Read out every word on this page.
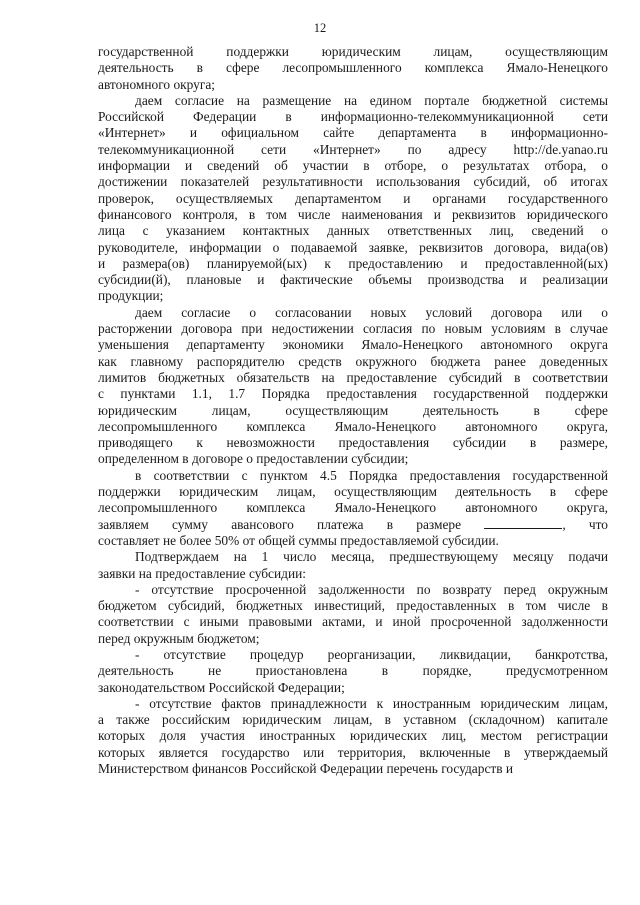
12
государственной поддержки юридическим лицам, осуществляющим
деятельность в сфере лесопромышленного комплекса Ямало-Ненецкого
автономного округа;
даем согласие на размещение на едином портале бюджетной системы
Российской Федерации в информационно-телекоммуникационной сети
«Интернет» и официальном сайте департамента в информационно-
телекоммуникационной сети «Интернет» по адресу http://de.yanao.ru
информации и сведений об участии в отборе, о результатах отбора, о
достижении показателей результативности использования субсидий, об итогах
проверок, осуществляемых департаментом и органами государственного
финансового контроля, в том числе наименования и реквизитов юридического
лица с указанием контактных данных ответственных лиц, сведений о
руководителе, информации о подаваемой заявке, реквизитов договора, вида(ов)
и размера(ов) планируемой(ых) к предоставлению и предоставленной(ых)
субсидии(й), плановые и фактические объемы производства и реализации
продукции;
даем согласие о согласовании новых условий договора или о
расторжении договора при недостижении согласия по новым условиям в случае
уменьшения департаменту экономики Ямало-Ненецкого автономного округа
как главному распорядителю средств окружного бюджета ранее доведенных
лимитов бюджетных обязательств на предоставление субсидий в соответствии
с пунктами 1.1, 1.7 Порядка предоставления государственной поддержки
юридическим лицам, осуществляющим деятельность в сфере
лесопромышленного комплекса Ямало-Ненецкого автономного округа,
приводящего к невозможности предоставления субсидии в размере,
определенном в договоре о предоставлении субсидии;
в соответствии с пунктом 4.5 Порядка предоставления государственной
поддержки юридическим лицам, осуществляющим деятельность в сфере
лесопромышленного комплекса Ямало-Ненецкого автономного округа,
заявляем сумму авансового платежа в размере	, что
составляет не более 50% от общей суммы предоставляемой субсидии.
Подтверждаем на 1 число месяца, предшествующему месяцу подачи
заявки на предоставление субсидии:
- отсутствие просроченной задолженности по возврату перед окружным
бюджетом субсидий, бюджетных инвестиций, предоставленных в том числе в
соответствии с иными правовыми актами, и иной просроченной задолженности
перед окружным бюджетом;
- отсутствие процедур реорганизации, ликвидации, банкротства,
деятельность не приостановлена в порядке, предусмотренном
законодательством Российской Федерации;
- отсутствие фактов принадлежности к иностранным юридическим лицам,
а также российским юридическим лицам, в уставном (складочном) капитале
которых доля участия иностранных юридических лиц, местом регистрации
которых является государство или территория, включенные в утверждаемый
Министерством финансов Российской Федерации перечень государств и
